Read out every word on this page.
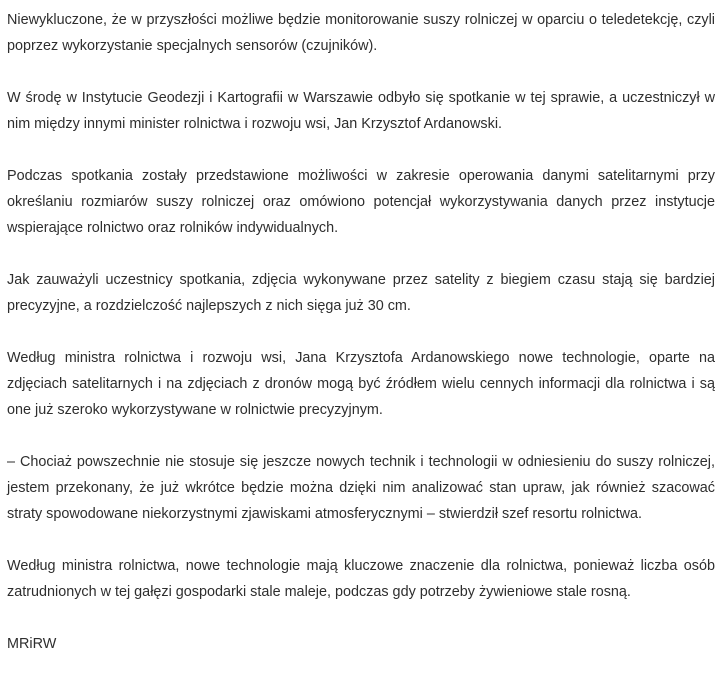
Niewykluczone, że w przyszłości możliwe będzie monitorowanie suszy rolniczej w oparciu o teledetekcję, czyli poprzez wykorzystanie specjalnych sensorów (czujników).

W środę w Instytucie Geodezji i Kartografii w Warszawie odbyło się spotkanie w tej sprawie, a uczestniczył w nim między innymi minister rolnictwa i rozwoju wsi, Jan Krzysztof Ardanowski.

Podczas spotkania zostały przedstawione możliwości w zakresie operowania danymi satelitarnymi przy określaniu rozmiarów suszy rolniczej oraz omówiono potencjał wykorzystywania danych przez instytucje wspierające rolnictwo oraz rolników indywidualnych.

Jak zauważyli uczestnicy spotkania, zdjęcia wykonywane przez satelity z biegiem czasu stają się bardziej precyzyjne, a rozdzielczość najlepszych z nich sięga już 30 cm.

Według ministra rolnictwa i rozwoju wsi, Jana Krzysztofa Ardanowskiego nowe technologie, oparte na zdjęciach satelitarnych i na zdjęciach z dronów mogą być źródłem wielu cennych informacji dla rolnictwa i są one już szeroko wykorzystywane w rolnictwie precyzyjnym.

– Chociaż powszechnie nie stosuje się jeszcze nowych technik i technologii w odniesieniu do suszy rolniczej, jestem przekonany, że już wkrótce będzie można dzięki nim analizować stan upraw, jak również szacować straty spowodowane niekorzystnymi zjawiskami atmosferycznymi – stwierdził szef resortu rolnictwa.

Według ministra rolnictwa, nowe technologie mają kluczowe znaczenie dla rolnictwa, ponieważ liczba osób zatrudnionych w tej gałęzi gospodarki stale maleje, podczas gdy potrzeby żywieniowe stale rosną.

MRiRW
